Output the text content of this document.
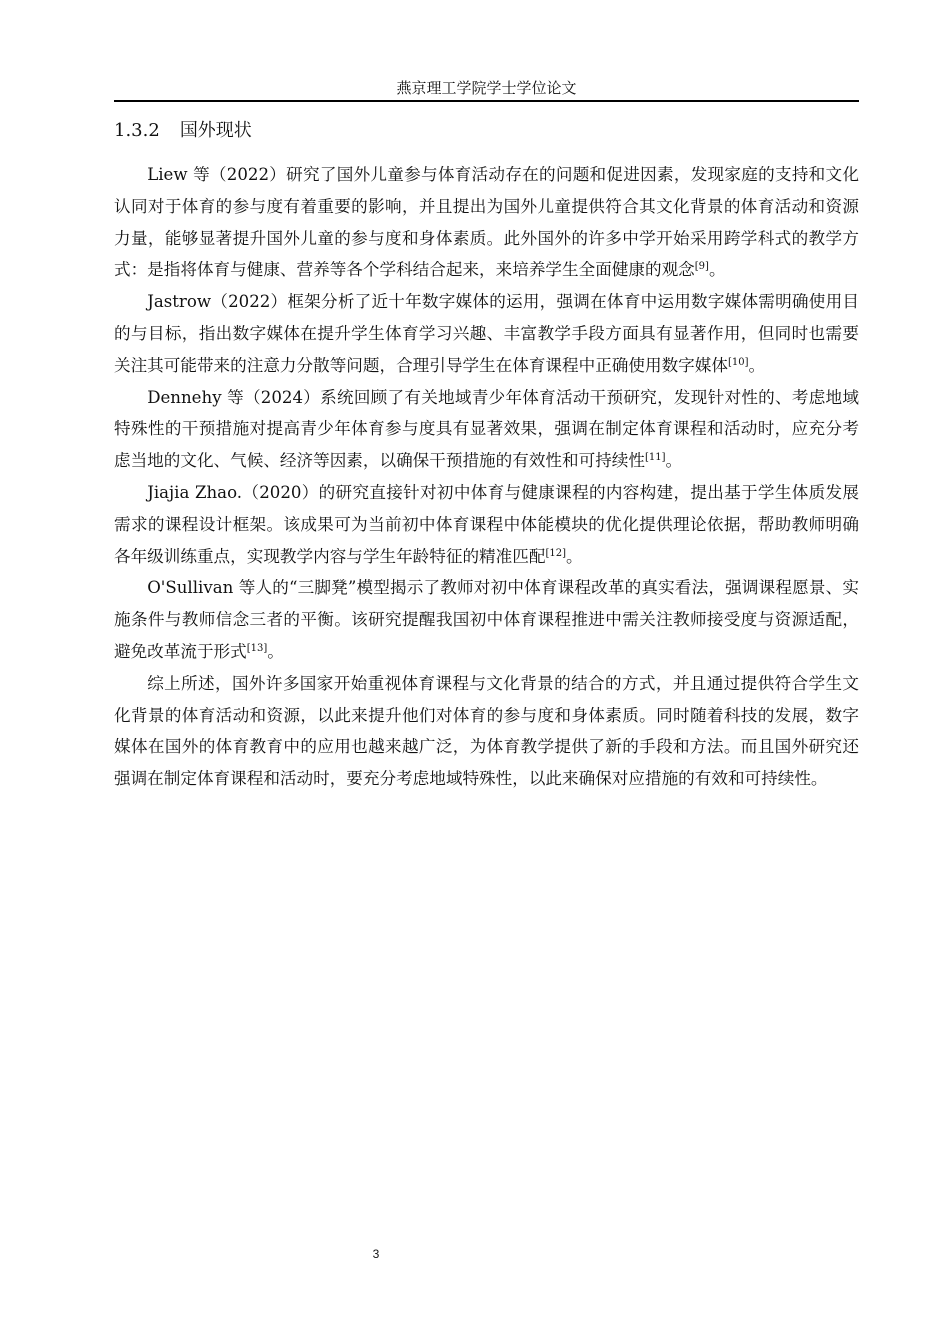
燕京理工学院学士学位论文
1.3.2 国外现状

Liew 等（2022）研究了国外儿童参与体育活动存在的问题和促进因素，发现家庭的支持和文化认同对于体育的参与度有着重要的影响，并且提出为国外儿童提供符合其文化背景的体育活动和资源力量，能够显著提升国外儿童的参与度和身体素质。此外国外的许多中学开始采用跨学科式的教学方式：是指将体育与健康、营养等各个学科结合起来，来培养学生全面健康的观念[9]。

Jastrow（2022）框架分析了近十年数字媒体的运用，强调在体育中运用数字媒体需明确使用目的与目标，指出数字媒体在提升学生体育学习兴趣、丰富教学手段方面具有显著作用，但同时也需要关注其可能带来的注意力分散等问题，合理引导学生在体育课程中正确使用数字媒体[10]。

Dennehy 等（2024）系统回顾了有关地域青少年体育活动干预研究，发现针对性的、考虑地域特殊性的干预措施对提高青少年体育参与度具有显著效果，强调在制定体育课程和活动时，应充分考虑当地的文化、气候、经济等因素，以确保干预措施的有效性和可持续性[11]。

Jiajia Zhao.（2020）的研究直接针对初中体育与健康课程的内容构建，提出基于学生体质发展需求的课程设计框架。该成果可为当前初中体育课程中体能模块的优化提供理论依据，帮助教师明确各年级训练重点，实现教学内容与学生年龄特征的精准匹配[12]。

O'Sullivan 等人的“三脚凳”模型揭示了教师对初中体育课程改革的真实看法，强调课程愿景、实施条件与教师信念三者的平衡。该研究提醒我国初中体育课程推进中需关注教师接受度与资源适配，避免改革流于形式[13]。

综上所述，国外许多国家开始重视体育课程与文化背景的结合的方式，并且通过提供符合学生文化背景的体育活动和资源，以此来提升他们对体育的参与度和身体素质。同时随着科技的发展，数字媒体在国外的体育教育中的应用也越来越广泛，为体育教学提供了新的手段和方法。而且国外研究还强调在制定体育课程和活动时，要充分考虑地域特殊性，以此来确保对应措施的有效和可持续性。

3
